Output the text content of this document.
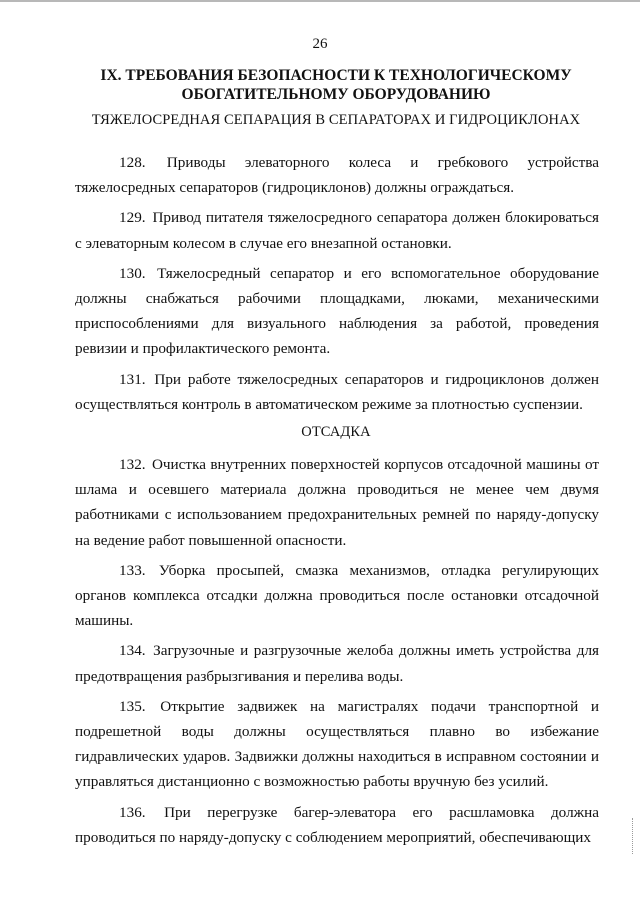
26
IX. ТРЕБОВАНИЯ БЕЗОПАСНОСТИ К ТЕХНОЛОГИЧЕСКОМУ ОБОГАТИТЕЛЬНОМУ ОБОРУДОВАНИЮ
ТЯЖЕЛОСРЕДНАЯ СЕПАРАЦИЯ В СЕПАРАТОРАХ И ГИДРОЦИКЛОНАХ

128. Приводы элеваторного колеса и гребкового устройства тяжелосредных сепараторов (гидроциклонов) должны ограждаться.

129. Привод питателя тяжелосредного сепаратора должен блокироваться с элеваторным колесом в случае его внезапной остановки.

130. Тяжелосредный сепаратор и его вспомогательное оборудование должны снабжаться рабочими площадками, люками, механическими приспособлениями для визуального наблюдения за работой, проведения ревизии и профилактического ремонта.

131. При работе тяжелосредных сепараторов и гидроциклонов должен осуществляться контроль в автоматическом режиме за плотностью суспензии.

ОТСАДКА

132. Очистка внутренних поверхностей корпусов отсадочной машины от шлама и осевшего материала должна проводиться не менее чем двумя работниками с использованием предохранительных ремней по наряду-допуску на ведение работ повышенной опасности.

133. Уборка просыпей, смазка механизмов, отладка регулирующих органов комплекса отсадки должна проводиться после остановки отсадочной машины.

134. Загрузочные и разгрузочные желоба должны иметь устройства для предотвращения разбрызгивания и перелива воды.

135. Открытие задвижек на магистралях подачи транспортной и подрешетной воды должны осуществляться плавно во избежание гидравлических ударов. Задвижки должны находиться в исправном состоянии и управляться дистанционно с возможностью работы вручную без усилий.

136. При перегрузке багер-элеватора его расшламовка должна проводиться по наряду-допуску с соблюдением мероприятий, обеспечивающих
